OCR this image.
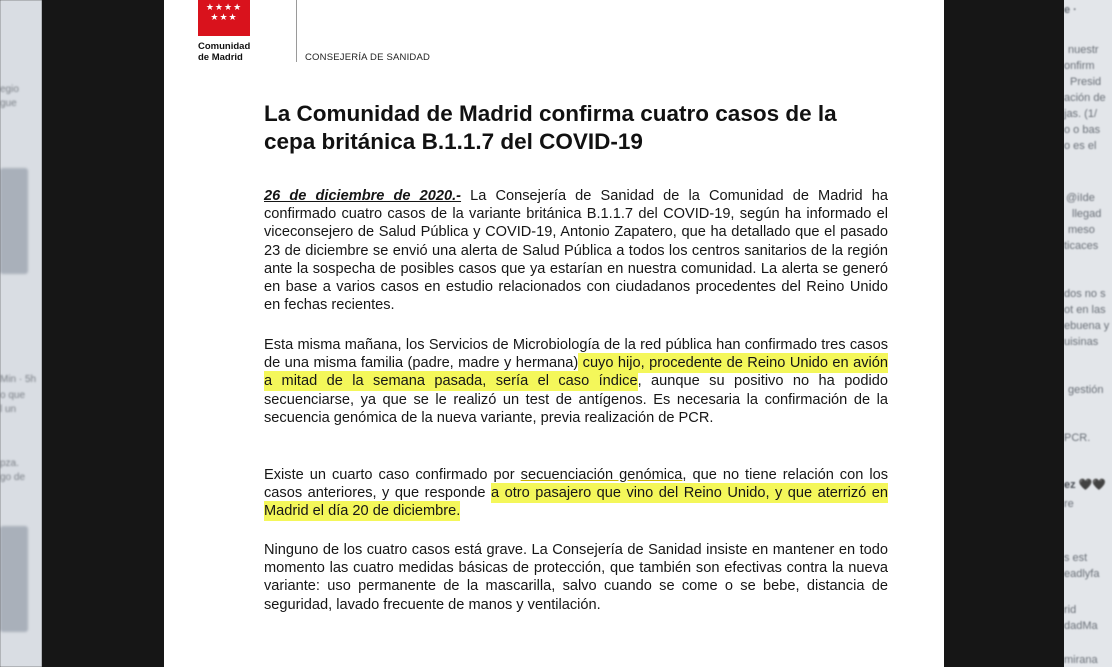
egio
gue
Min · 5h
o que
l un
pza.
go de
e ·
nuestr
onfirm
Presid
ación de
jas. (1/
o o bas
o es el
@iIde
llegad
meso
ticaces
dos no s
ot en las
ebuena y
uisinas
gestión
PCR.
ez 🖤🖤
re
s est
eadlyfa
rid
dadMa
mirana
★★★★ ★★★
Comunidad
de Madrid	CONSEJERÍA DE SANIDAD
La Comunidad de Madrid confirma cuatro casos de la
cepa británica B.1.1.7 del COVID-19

26 de diciembre de 2020.- La Consejería de Sanidad de la Comunidad de Madrid ha confirmado cuatro casos de la variante británica B.1.1.7 del COVID-19, según ha informado el viceconsejero de Salud Pública y COVID-19, Antonio Zapatero, que ha detallado que el pasado 23 de diciembre se envió una alerta de Salud Pública a todos los centros sanitarios de la región ante la sospecha de posibles casos que ya estarían en nuestra comunidad. La alerta se generó en base a varios casos en estudio relacionados con ciudadanos procedentes del Reino Unido en fechas recientes.

Esta misma mañana, los Servicios de Microbiología de la red pública han confirmado tres casos de una misma familia (padre, madre y hermana) cuyo hijo, procedente de Reino Unido en avión a mitad de la semana pasada, sería el caso índice, aunque su positivo no ha podido secuenciarse, ya que se le realizó un test de antígenos. Es necesaria la confirmación de la secuencia genómica de la nueva variante, previa realización de PCR.

Existe un cuarto caso confirmado por secuenciación genómica, que no tiene relación con los casos anteriores, y que responde a otro pasajero que vino del Reino Unido, y que aterrizó en Madrid el día 20 de diciembre.

Ninguno de los cuatro casos está grave. La Consejería de Sanidad insiste en mantener en todo momento las cuatro medidas básicas de protección, que también son efectivas contra la nueva variante: uso permanente de la mascarilla, salvo cuando se come o se bebe, distancia de seguridad, lavado frecuente de manos y ventilación.
